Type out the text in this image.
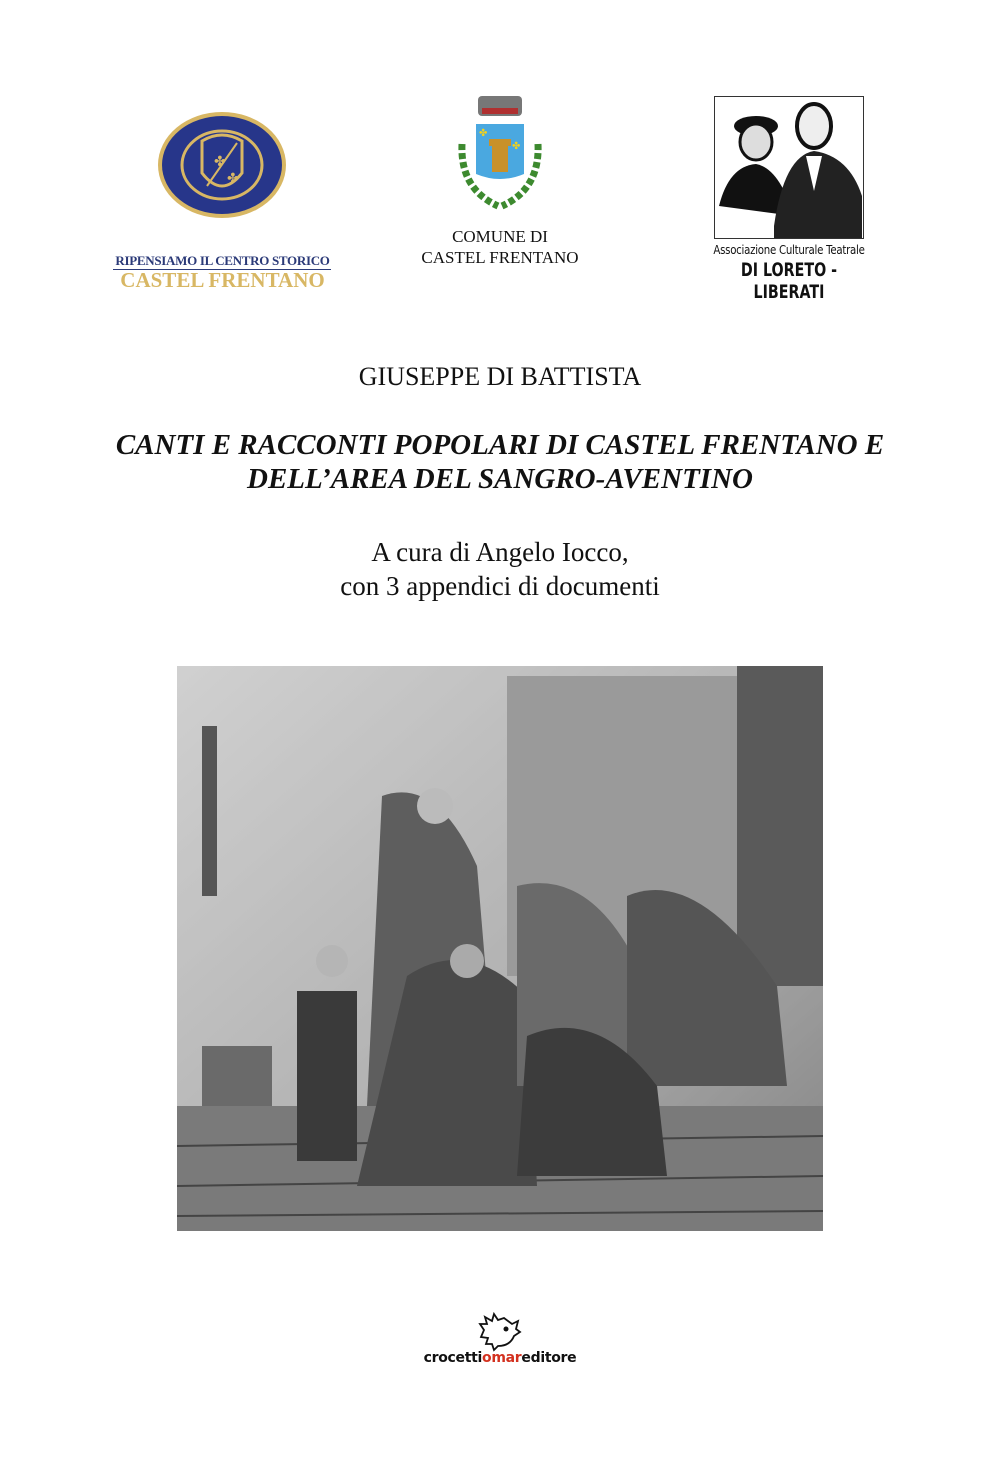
✤
✤
RIPENSIAMO IL CENTRO STORICO
CASTEL FRENTANO
✤
✤
COMUNE DI
CASTEL FRENTANO	Associazione Culturale Teatrale
DI LORETO - LIBERATI
GIUSEPPE DI BATTISTA
CANTI E RACCONTI POPOLARI DI CASTEL FRENTANO E
DELL’AREA DEL SANGRO-AVENTINO
A cura di Angelo Iocco,
con 3 appendici di documenti
crocettiomareditore
